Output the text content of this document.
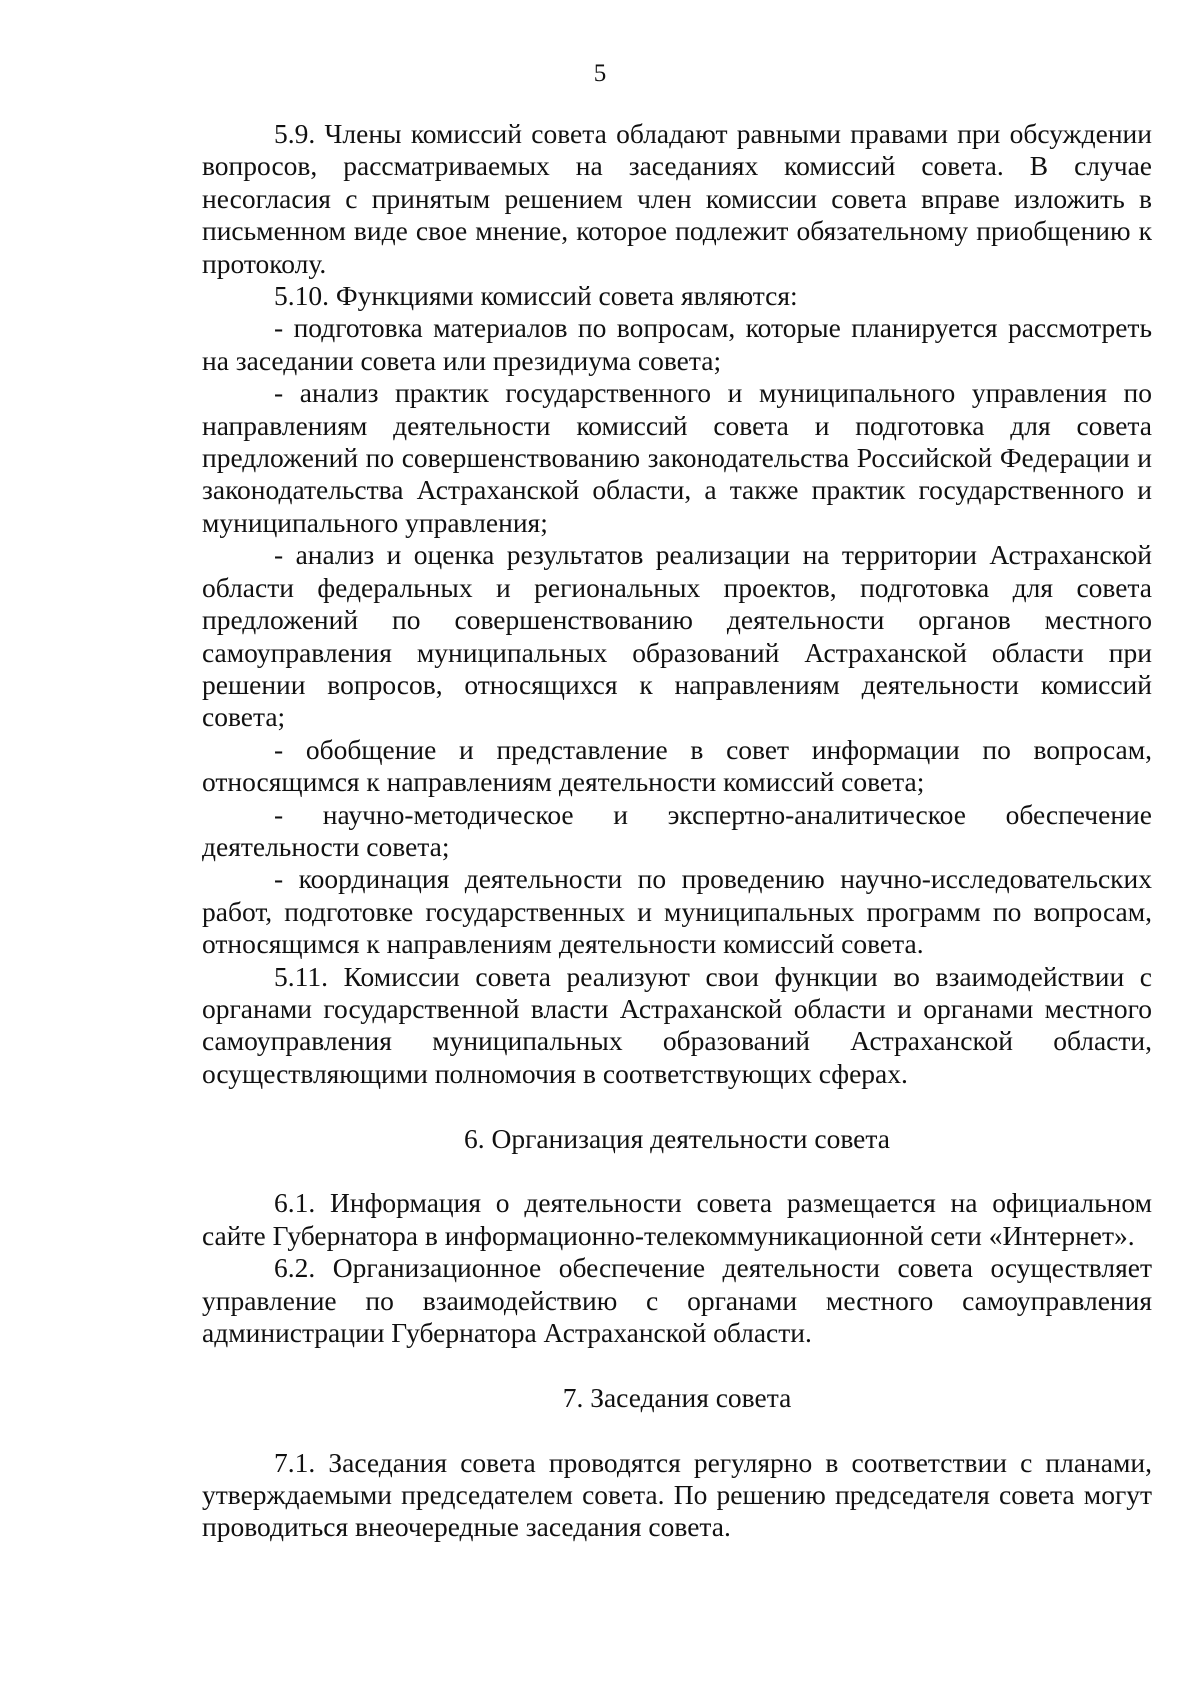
5

5.9. Члены комиссий совета обладают равными правами при обсуждении вопросов, рассматриваемых на заседаниях комиссий совета. В случае несогласия с принятым решением член комиссии совета вправе изложить в письменном виде свое мнение, которое подлежит обязательному приобщению к протоколу.

5.10. Функциями комиссий совета являются:

- подготовка материалов по вопросам, которые планируется рассмотреть на заседании совета или президиума совета;

- анализ практик государственного и муниципального управления по направлениям деятельности комиссий совета и подготовка для совета предложений по совершенствованию законодательства Российской Федерации и законодательства Астраханской области, а также практик государственного и муниципального управления;

- анализ и оценка результатов реализации на территории Астраханской области федеральных и региональных проектов, подготовка для совета предложений по совершенствованию деятельности органов местного самоуправления муниципальных образований Астраханской области при решении вопросов, относящихся к направлениям деятельности комиссий совета;

- обобщение и представление в совет информации по вопросам, относящимся к направлениям деятельности комиссий совета;

- научно-методическое и экспертно-аналитическое обеспечение деятельности совета;

- координация деятельности по проведению научно-исследовательских работ, подготовке государственных и муниципальных программ по вопросам, относящимся к направлениям деятельности комиссий совета.

5.11. Комиссии совета реализуют свои функции во взаимодействии с органами государственной власти Астраханской области и органами местного самоуправления муниципальных образований Астраханской области, осуществляющими полномочия в соответствующих сферах.

6. Организация деятельности совета

6.1. Информация о деятельности совета размещается на официальном сайте Губернатора в информационно-телекоммуникационной сети «Интернет».

6.2. Организационное обеспечение деятельности совета осуществляет управление по взаимодействию с органами местного самоуправления администрации Губернатора Астраханской области.

7. Заседания совета

7.1. Заседания совета проводятся регулярно в соответствии с планами, утверждаемыми председателем совета. По решению председателя совета могут проводиться внеочередные заседания совета.
